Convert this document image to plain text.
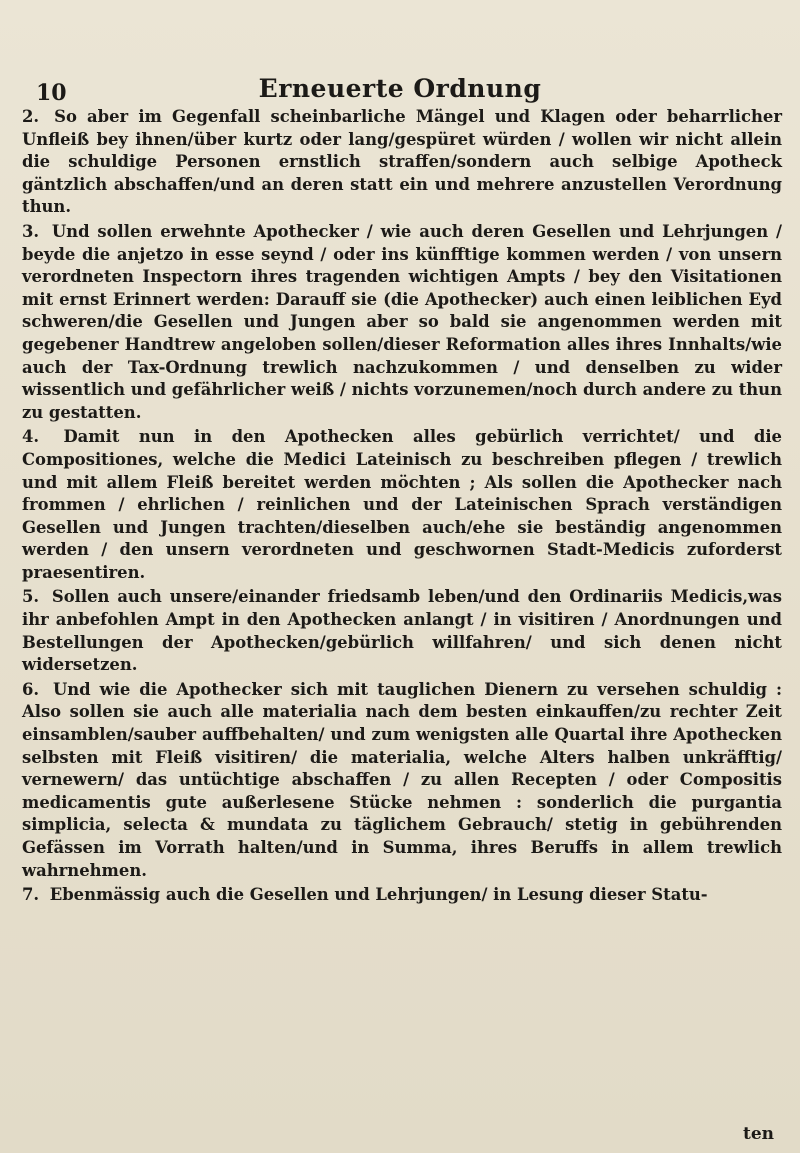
10	Erneuerte Ordnung

2. So aber im Gegenfall scheinbarliche Mängel und Klagen oder beharrlicher Unfleiß bey ihnen/über kurtz oder lang/gespüret würden / wollen wir nicht allein die schuldige Personen ernstlich straffen/sondern auch selbige Apotheck gäntzlich abschaffen/und an deren statt ein und mehrere anzustellen Verordnung thun.

3. Und sollen erwehnte Apothecker / wie auch deren Gesellen und Lehrjungen / beyde die anjetzo in esse seynd / oder ins künfftige kommen werden / von unsern verordneten Inspectorn ihres tragenden wichtigen Ampts / bey den Visitationen mit ernst Erinnert werden: Darauff sie (die Apothecker) auch einen leiblichen Eyd schweren/die Gesellen und Jungen aber so bald sie angenommen werden mit gegebener Handtrew angeloben sollen/dieser Reformation alles ihres Innhalts/wie auch der Tax-Ordnung trewlich nachzukommen / und denselben zu wider wissentlich und gefährlicher weiß / nichts vorzunemen/noch durch andere zu thun zu gestatten.

4. Damit nun in den Apothecken alles gebürlich verrichtet/ und die Compositiones, welche die Medici Lateinisch zu beschreiben pflegen / trewlich und mit allem Fleiß bereitet werden möchten ; Als sollen die Apothecker nach frommen / ehrlichen / reinlichen und der Lateinischen Sprach verständigen Gesellen und Jungen trachten/dieselben auch/ehe sie beständig angenommen werden / den unsern verordneten und geschwornen Stadt-Medicis zuforderst praesentiren.

5. Sollen auch unsere/einander friedsamb leben/und den Ordinariis Medicis,was ihr anbefohlen Ampt in den Apothecken anlangt / in visitiren / Anordnungen und Bestellungen der Apothecken/gebürlich willfahren/ und sich denen nicht widersetzen.

6. Und wie die Apothecker sich mit tauglichen Dienern zu versehen schuldig : Also sollen sie auch alle materialia nach dem besten einkauffen/zu rechter Zeit einsamblen/sauber auffbehalten/ und zum wenigsten alle Quartal ihre Apothecken selbsten mit Fleiß visitiren/ die materialia, welche Alters halben unkräfftig/ vernewern/ das untüchtige abschaffen / zu allen Recepten / oder Compositis medicamentis gute außerlesene Stücke nehmen : sonderlich die purgantia simplicia, selecta & mundata zu täglichem Gebrauch/ stetig in gebührenden Gefässen im Vorrath halten/und in Summa, ihres Beruffs in allem trewlich wahrnehmen.

7. Ebenmässig auch die Gesellen und Lehrjungen/ in Lesung dieser Statu-

ten
